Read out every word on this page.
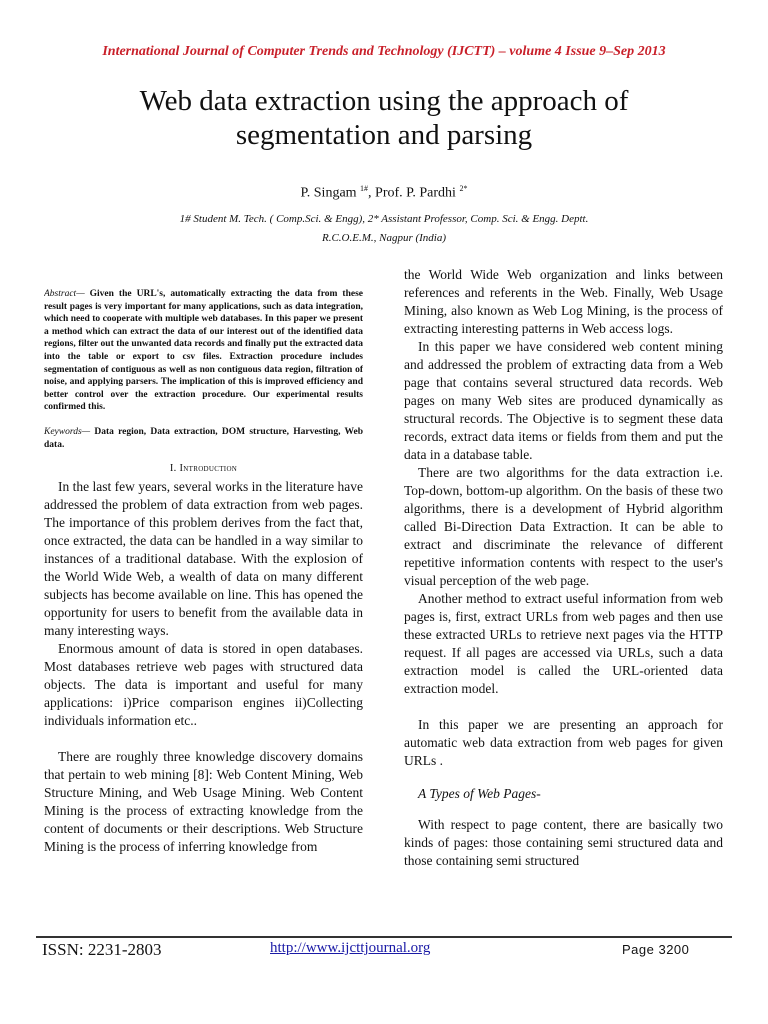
International Journal of Computer Trends and Technology (IJCTT) – volume 4 Issue 9–Sep 2013
Web data extraction using the approach of
segmentation and parsing
P. Singam $^{1\#}$, Prof. P. Pardhi $^{2*}$
1# Student M. Tech. ( Comp.Sci. & Engg), 2* Assistant Professor, Comp. Sci. & Engg. Deptt.
R.C.O.E.M., Nagpur (India)

Abstract— Given the URL's, automatically extracting the data from these result pages is very important for many applications, such as data integration, which need to cooperate with multiple web databases. In this paper we present a method which can extract the data of our interest out of the identified data regions, filter out the unwanted data records and finally put the extracted data into the table or export to csv files. Extraction procedure includes segmentation of contiguous as well as non contiguous data region, filtration of noise, and applying parsers. The implication of this is improved efficiency and better control over the extraction procedure. Our experimental results confirmed this.

Keywords— Data region, Data extraction, DOM structure, Harvesting, Web data.

I. Introduction

In the last few years, several works in the literature have addressed the problem of data extraction from web pages. The importance of this problem derives from the fact that, once extracted, the data can be handled in a way similar to instances of a traditional database. With the explosion of the World Wide Web, a wealth of data on many different subjects has become available on line. This has opened the opportunity for users to benefit from the available data in many interesting ways.

Enormous amount of data is stored in open databases. Most databases retrieve web pages with structured data objects. The data is important and useful for many applications: i)Price comparison engines ii)Collecting individuals information etc..

There are roughly three knowledge discovery domains that pertain to web mining [8]: Web Content Mining, Web Structure Mining, and Web Usage Mining. Web Content Mining is the process of extracting knowledge from the content of documents or their descriptions. Web Structure Mining is the process of inferring knowledge from

the World Wide Web organization and links between references and referents in the Web. Finally, Web Usage Mining, also known as Web Log Mining, is the process of extracting interesting patterns in Web access logs.

In this paper we have considered web content mining and addressed the problem of extracting data from a Web page that contains several structured data records. Web pages on many Web sites are produced dynamically as structural records. The Objective is to segment these data records, extract data items or fields from them and put the data in a database table.

There are two algorithms for the data extraction i.e. Top-down, bottom-up algorithm. On the basis of these two algorithms, there is a development of Hybrid algorithm called Bi-Direction Data Extraction. It can be able to extract and discriminate the relevance of different repetitive information contents with respect to the user's visual perception of the web page.

Another method to extract useful information from web pages is, first, extract URLs from web pages and then use these extracted URLs to retrieve next pages via the HTTP request. If all pages are accessed via URLs, such a data extraction model is called the URL-oriented data extraction model.

In this paper we are presenting an approach for automatic web data extraction from web pages for given URLs .

A Types of Web Pages-

With respect to page content, there are basically two kinds of pages: those containing semi structured data and those containing semi structured

ISSN: 2231-2803	http://www.ijcttjournal.org	Page 3200
